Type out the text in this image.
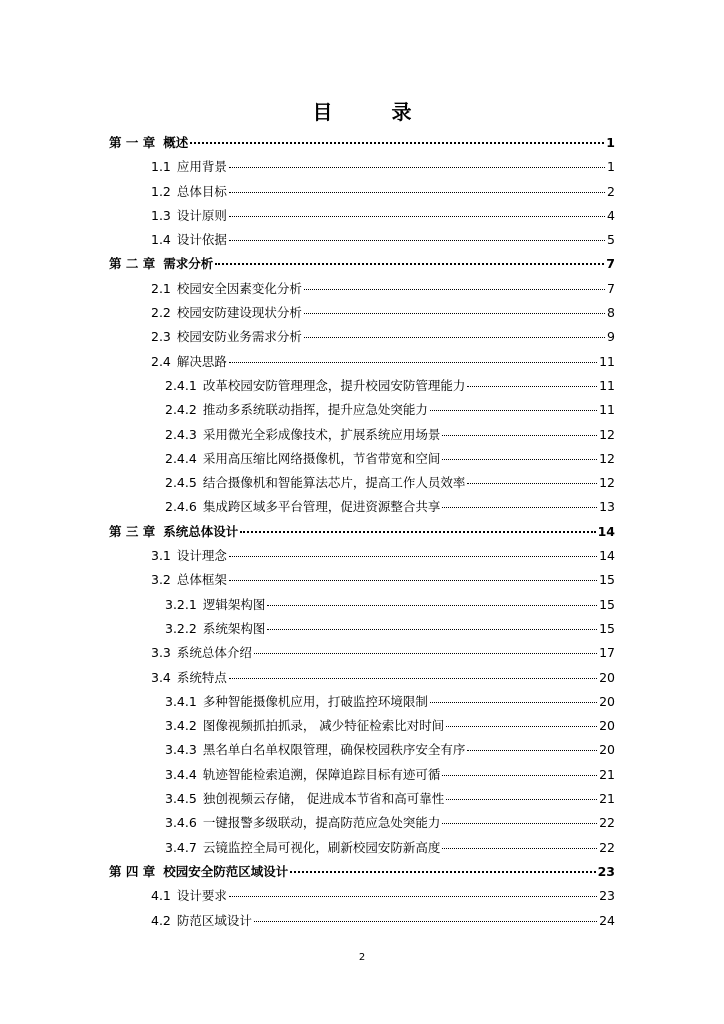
目 录
第 一 章 概述	1
1.1 应用背景	1
1.2 总体目标	2
1.3 设计原则	4
1.4 设计依据	5
第 二 章 需求分析	7
2.1 校园安全因素变化分析	7
2.2 校园安防建设现状分析	8
2.3 校园安防业务需求分析	9
2.4 解决思路	11
2.4.1 改革校园安防管理理念，提升校园安防管理能力	11
2.4.2 推动多系统联动指挥，提升应急处突能力	11
2.4.3 采用微光全彩成像技术，扩展系统应用场景	12
2.4.4 采用高压缩比网络摄像机，节省带宽和空间	12
2.4.5 结合摄像机和智能算法芯片，提高工作人员效率	12
2.4.6 集成跨区域多平台管理，促进资源整合共享	13
第 三 章 系统总体设计	14
3.1 设计理念	14
3.2 总体框架	15
3.2.1 逻辑架构图	15
3.2.2 系统架构图	15
3.3 系统总体介绍	17
3.4 系统特点	20
3.4.1 多种智能摄像机应用，打破监控环境限制	20
3.4.2 图像视频抓拍抓录， 减少特征检索比对时间	20
3.4.3 黑名单白名单权限管理，确保校园秩序安全有序	20
3.4.4 轨迹智能检索追溯，保障追踪目标有迹可循	21
3.4.5 独创视频云存储， 促进成本节省和高可靠性	21
3.4.6 一键报警多级联动，提高防范应急处突能力	22
3.4.7 云镜监控全局可视化，刷新校园安防新高度	22
第 四 章 校园安全防范区域设计	23
4.1 设计要求	23
4.2 防范区域设计	24
2
